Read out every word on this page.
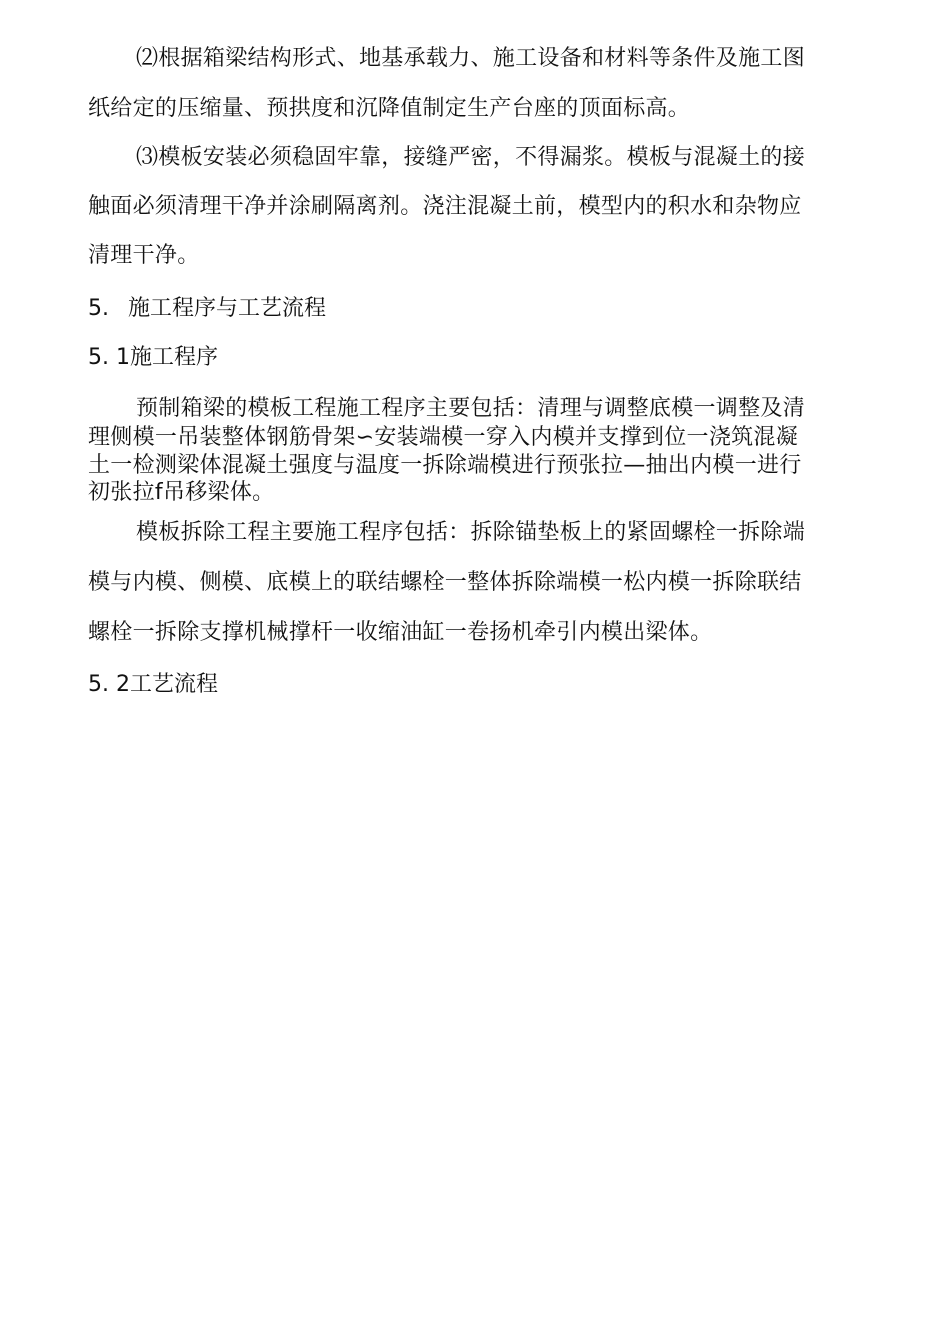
⑵根据箱梁结构形式、地基承载力、施工设备和材料等条件及施工图
纸给定的压缩量、预拱度和沉降值制定生产台座的顶面标高。
⑶模板安装必须稳固牢靠，接缝严密，不得漏浆。模板与混凝土的接
触面必须清理干净并涂刷隔离剂。浇注混凝土前，模型内的积水和杂物应
清理干净。
5. 施工程序与工艺流程
5. 1施工程序
预制箱梁的模板工程施工程序主要包括：清理与调整底模一调整及清
理侧模一吊装整体钢筋骨架∽安装端模一穿入内模并支撑到位一浇筑混凝
土一检测梁体混凝土强度与温度一拆除端模进行预张拉—抽出内模一进行
初张拉f吊移梁体。
模板拆除工程主要施工程序包括：拆除锚垫板上的紧固螺栓一拆除端
模与内模、侧模、底模上的联结螺栓一整体拆除端模一松内模一拆除联结
螺栓一拆除支撑机械撑杆一收缩油缸一卷扬机牵引内模出梁体。
5. 2工艺流程
